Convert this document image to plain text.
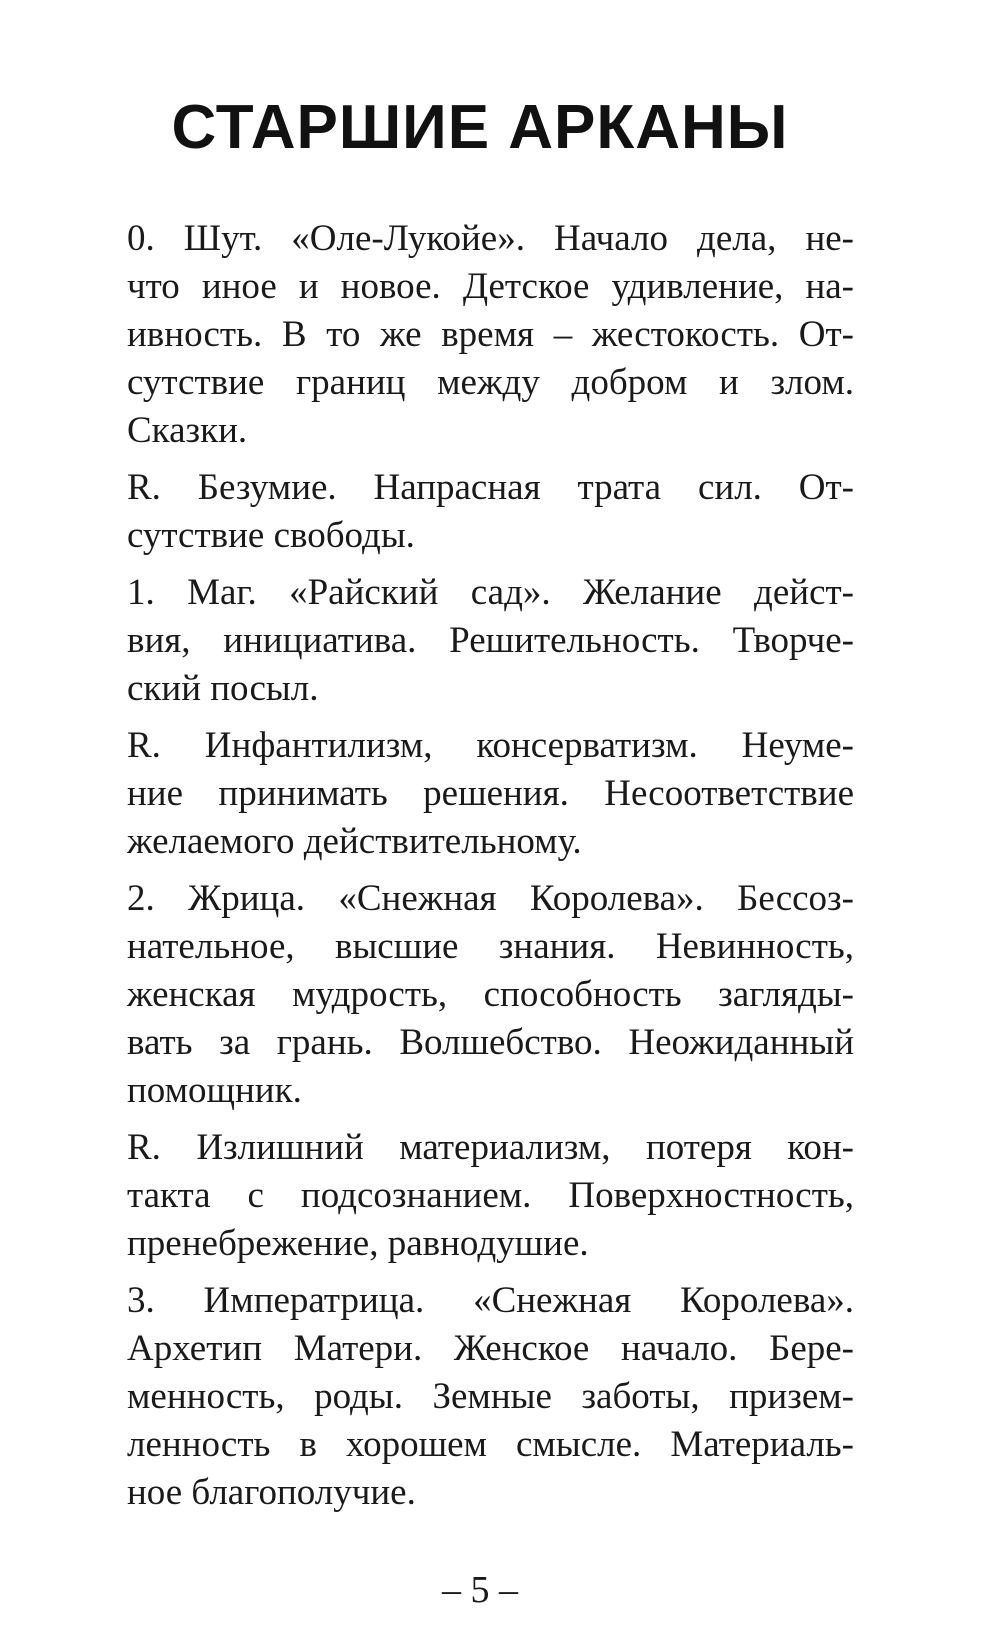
СТАРШИЕ АРКАНЫ

0. Шут. «Оле-Лукойе». Начало дела, не-
что иное и новое. Детское удивление, на-
ивность. В то же время – жестокость. От-
сутствие границ между добром и злом.
Сказки.

R. Безумие. Напрасная трата сил. От-
сутствие свободы.

1. Маг. «Райский сад». Желание дейст-
вия, инициатива. Решительность. Творче-
ский посыл.

R. Инфантилизм, консерватизм. Неуме-
ние принимать решения. Несоответствие
желаемого действительному.

2. Жрица. «Снежная Королева». Бессоз-
нательное, высшие знания. Невинность,
женская мудрость, способность загляды-
вать за грань. Волшебство. Неожиданный
помощник.

R. Излишний материализм, потеря кон-
такта с подсознанием. Поверхностность,
пренебрежение, равнодушие.

3. Императрица. «Снежная Королева».
Архетип Матери. Женское начало. Бере-
менность, роды. Земные заботы, призем-
ленность в хорошем смысле. Материаль-
ное благополучие.

– 5 –
